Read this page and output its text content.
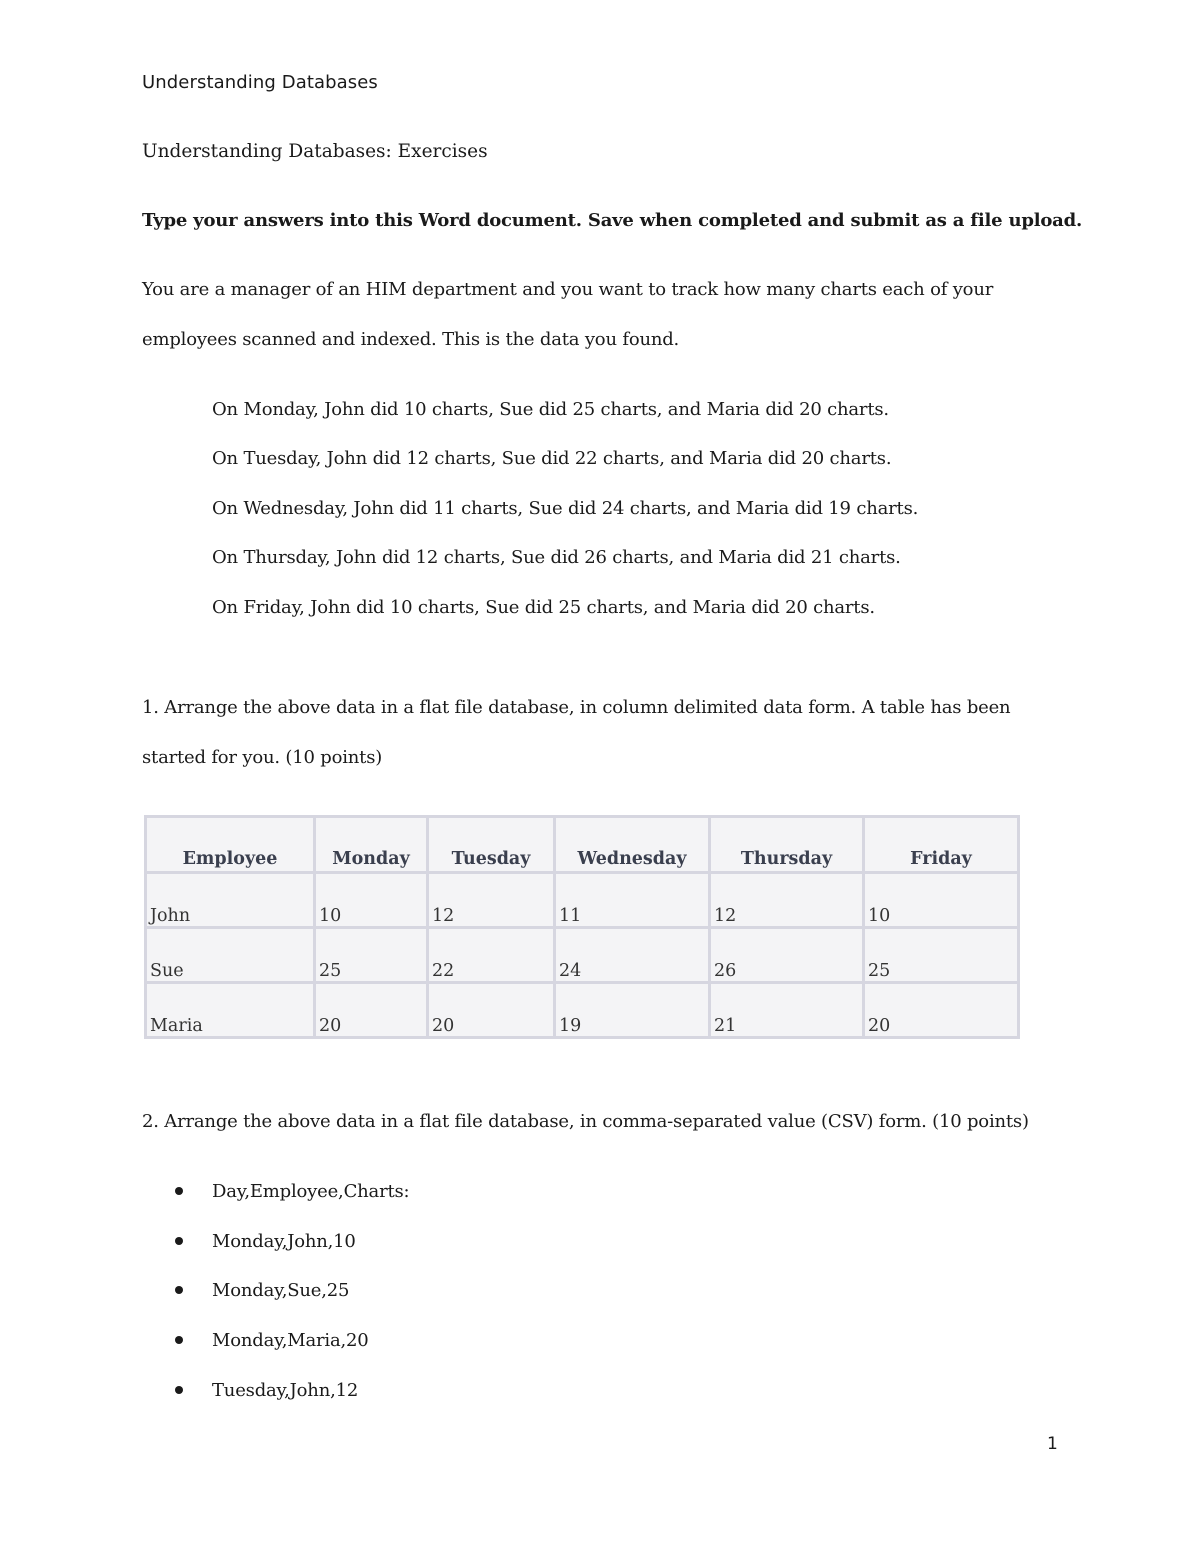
Understanding Databases
Understanding Databases: Exercises
Type your answers into this Word document. Save when completed and submit as a file upload.
You are a manager of an HIM department and you want to track how many charts each of your employees scanned and indexed. This is the data you found.
On Monday, John did 10 charts, Sue did 25 charts, and Maria did 20 charts.
On Tuesday, John did 12 charts, Sue did 22 charts, and Maria did 20 charts.
On Wednesday, John did 11 charts, Sue did 24 charts, and Maria did 19 charts.
On Thursday, John did 12 charts, Sue did 26 charts, and Maria did 21 charts.
On Friday, John did 10 charts, Sue did 25 charts, and Maria did 20 charts.
1. Arrange the above data in a flat file database, in column delimited data form. A table has been started for you. (10 points)
Employee	Monday	Tuesday	Wednesday	Thursday	Friday
John	10	12	11	12	10
Sue	25	22	24	26	25
Maria	20	20	19	21	20
2. Arrange the above data in a flat file database, in comma-separated value (CSV) form. (10 points)
Day,Employee,Charts:
Monday,John,10
Monday,Sue,25
Monday,Maria,20
Tuesday,John,12
1
